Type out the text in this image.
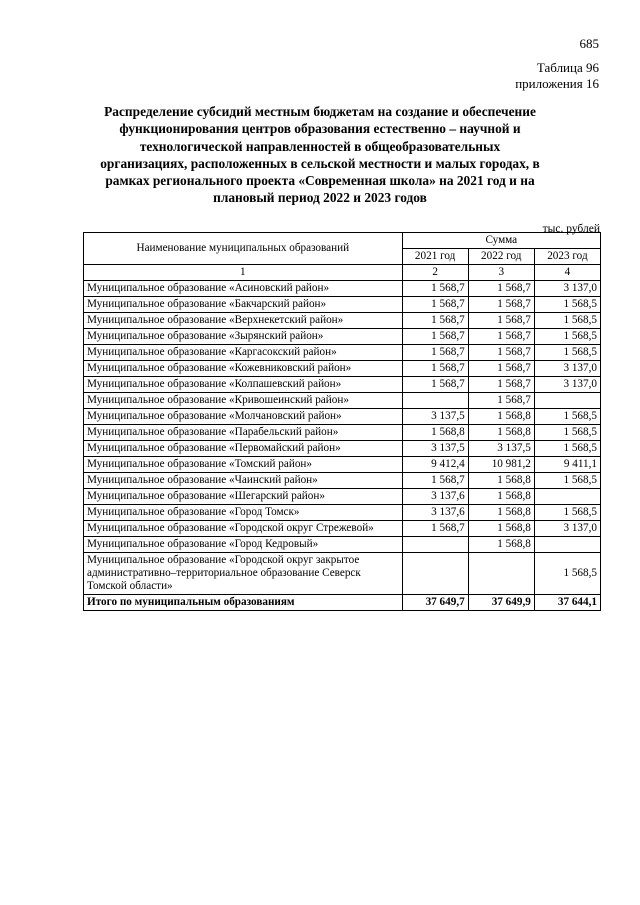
685
Таблица 96
приложения 16
Распределение субсидий местным бюджетам на создание и обеспечение функционирования центров образования естественно – научной и технологической направленностей в общеобразовательных организациях, расположенных в сельской местности и малых городах, в рамках регионального проекта «Современная школа» на 2021 год и на плановый период 2022 и 2023 годов
тыс. рублей
Наименование муниципальных образований	Сумма		
	2021 год	2022 год	2023 год
1	2	3	4
Муниципальное образование «Асиновский район»	1 568,7	1 568,7	3 137,0
Муниципальное образование «Бакчарский район»	1 568,7	1 568,7	1 568,5
Муниципальное образование «Верхнекетский район»	1 568,7	1 568,7	1 568,5
Муниципальное образование «Зырянский район»	1 568,7	1 568,7	1 568,5
Муниципальное образование «Каргасокский район»	1 568,7	1 568,7	1 568,5
Муниципальное образование «Кожевниковский район»	1 568,7	1 568,7	3 137,0
Муниципальное образование «Колпашевский район»	1 568,7	1 568,7	3 137,0
Муниципальное образование «Кривошеинский район»		1 568,7	
Муниципальное образование «Молчановский район»	3 137,5	1 568,8	1 568,5
Муниципальное образование «Парабельский район»	1 568,8	1 568,8	1 568,5
Муниципальное образование «Первомайский район»	3 137,5	3 137,5	1 568,5
Муниципальное образование «Томский район»	9 412,4	10 981,2	9 411,1
Муниципальное образование «Чаинский район»	1 568,7	1 568,8	1 568,5
Муниципальное образование «Шегарский район»	3 137,6	1 568,8	
Муниципальное образование «Город Томск»	3 137,6	1 568,8	1 568,5
Муниципальное образование «Городской округ Стрежевой»	1 568,7	1 568,8	3 137,0
Муниципальное образование «Город Кедровый»		1 568,8	
Муниципальное образование «Городской округ закрытое административно–территориальное образование Северск Томской области»			1 568,5
Итого по муниципальным образованиям	37 649,7	37 649,9	37 644,1
